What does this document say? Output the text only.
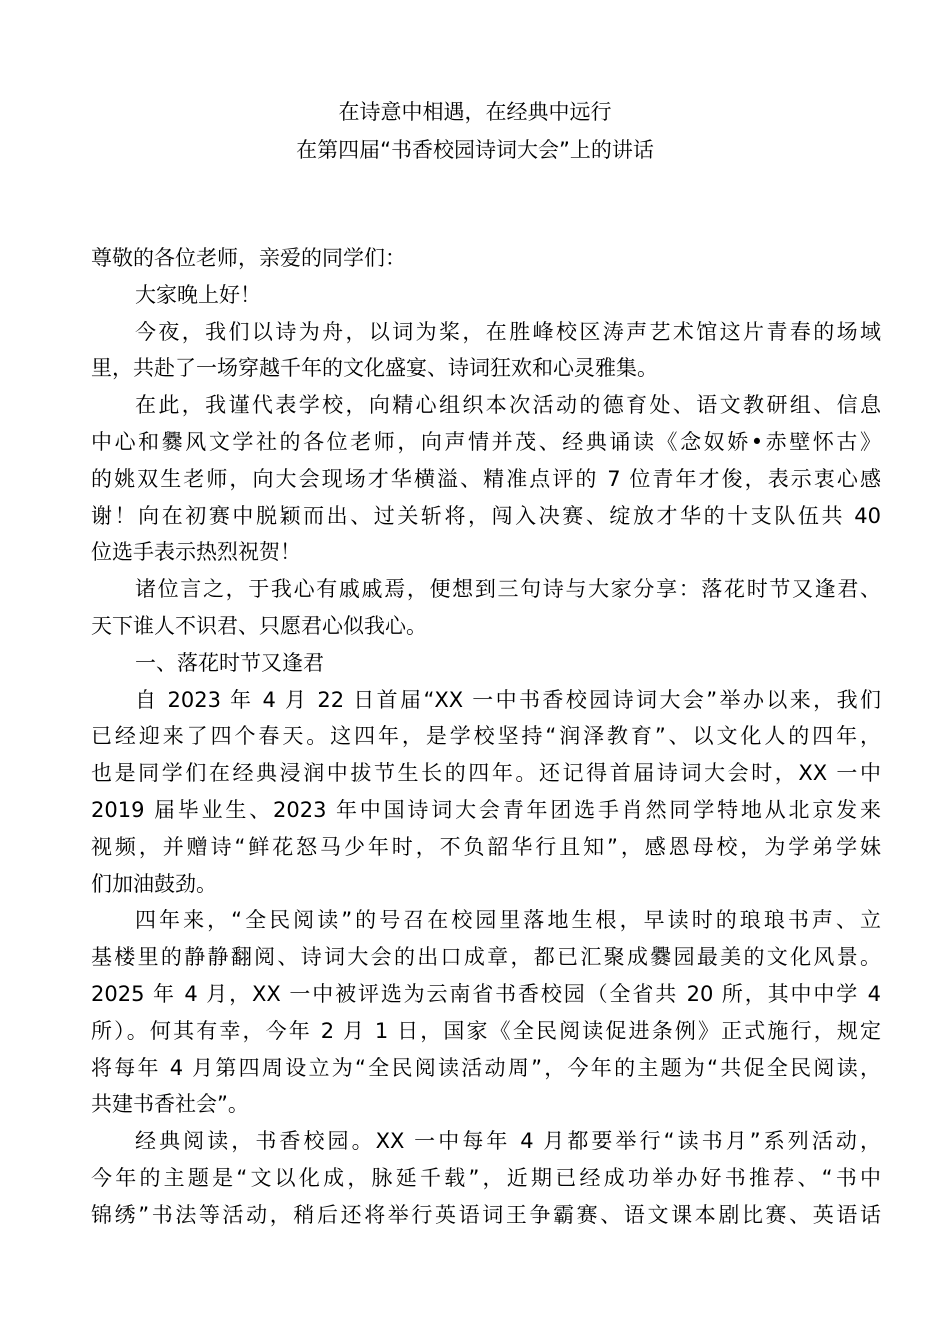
在诗意中相遇，在经典中远行
在第四届“书香校园诗词大会”上的讲话
尊敬的各位老师，亲爱的同学们：
大家晚上好！
今夜，我们以诗为舟，以词为桨，在胜峰校区涛声艺术馆这片青春的场域
里，共赴了一场穿越千年的文化盛宴、诗词狂欢和心灵雅集。
在此，我谨代表学校，向精心组织本次活动的德育处、语文教研组、信息
中心和爨风文学社的各位老师，向声情并茂、经典诵读《念奴娇•赤壁怀古》
的姚双生老师，向大会现场才华横溢、精准点评的 7 位青年才俊，表示衷心感
谢！向在初赛中脱颖而出、过关斩将，闯入决赛、绽放才华的十支队伍共 40
位选手表示热烈祝贺！
诸位言之，于我心有戚戚焉，便想到三句诗与大家分享：落花时节又逢君、
天下谁人不识君、只愿君心似我心。
一、落花时节又逢君
自 2023 年 4 月 22 日首届“XX 一中书香校园诗词大会”举办以来，我们
已经迎来了四个春天。这四年，是学校坚持“润泽教育”、以文化人的四年，
也是同学们在经典浸润中拔节生长的四年。还记得首届诗词大会时，XX 一中
2019 届毕业生、2023 年中国诗词大会青年团选手肖然同学特地从北京发来
视频，并赠诗“鲜花怒马少年时，不负韶华行且知”，感恩母校，为学弟学妹
们加油鼓劲。
四年来，“全民阅读”的号召在校园里落地生根，早读时的琅琅书声、立
基楼里的静静翻阅、诗词大会的出口成章，都已汇聚成爨园最美的文化风景。
2025 年 4 月，XX 一中被评选为云南省书香校园（全省共 20 所，其中中学 4
所）。何其有幸，今年 2 月 1 日，国家《全民阅读促进条例》正式施行，规定
将每年 4 月第四周设立为“全民阅读活动周”，今年的主题为“共促全民阅读，
共建书香社会”。
经典阅读，书香校园。XX 一中每年 4 月都要举行“读书月”系列活动，
今年的主题是“文以化成，脉延千载”，近期已经成功举办好书推荐、“书中
锦绣”书法等活动，稍后还将举行英语词王争霸赛、语文课本剧比赛、英语话
